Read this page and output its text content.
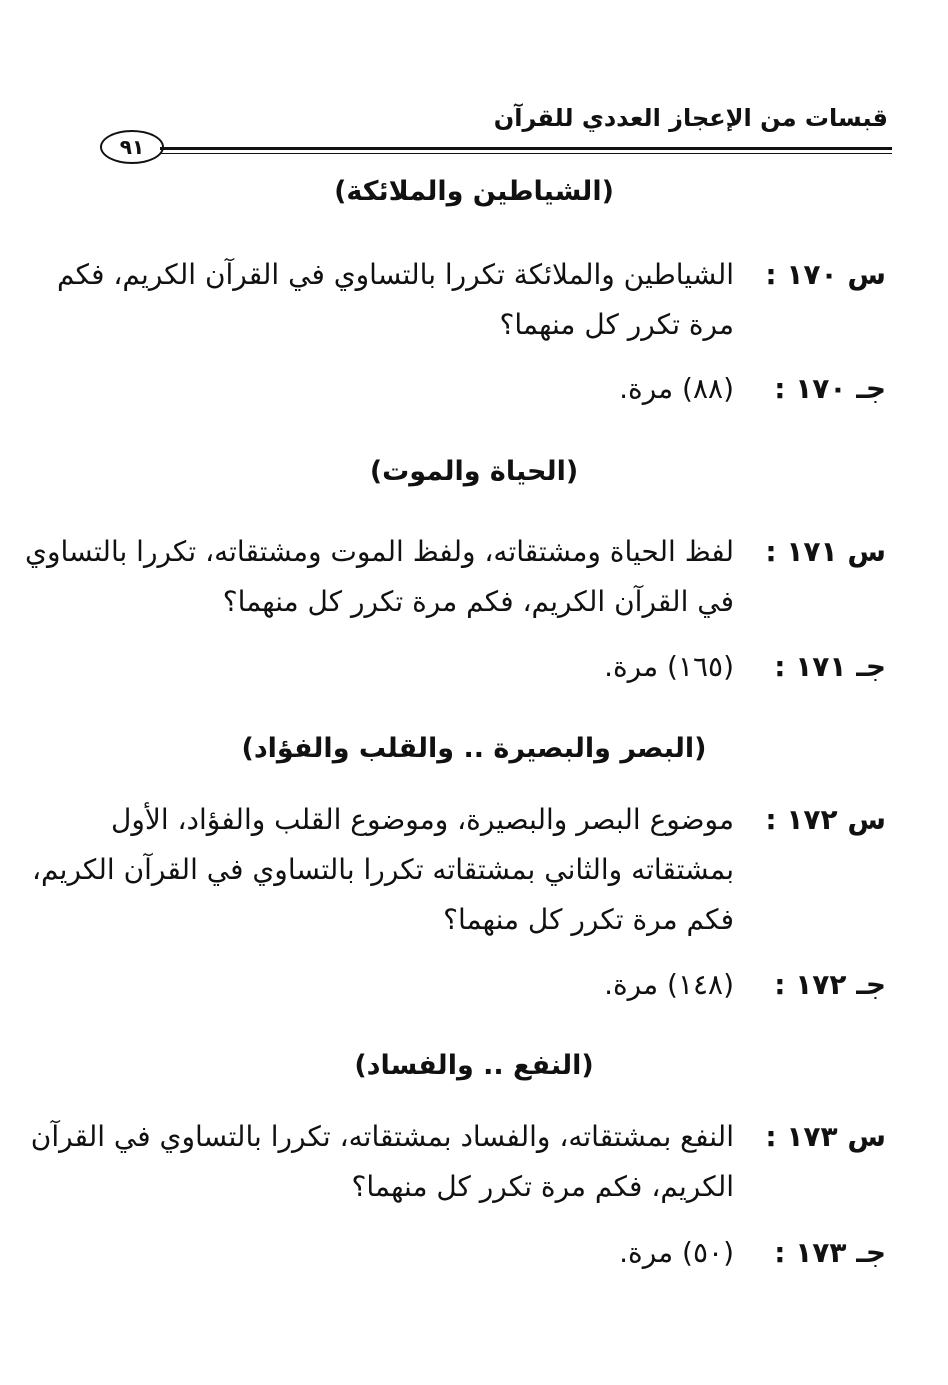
قبسات من الإعجاز العددي للقرآن
٩١
(الشياطين والملائكة)
س ١٧٠ :الشياطين والملائكة تكررا بالتساوي في القرآن الكريم، فكم
مرة تكرر كل منهما؟
جـ ١٧٠ :(٨٨) مرة.
(الحياة والموت)
س ١٧١ :لفظ الحياة ومشتقاته، ولفظ الموت ومشتقاته، تكررا بالتساوي
في القرآن الكريم، فكم مرة تكرر كل منهما؟
جـ ١٧١ :(١٦٥) مرة.
(البصر والبصيرة .. والقلب والفؤاد)
س ١٧٢ :موضوع البصر والبصيرة، وموضوع القلب والفؤاد، الأول
بمشتقاته والثاني بمشتقاته تكررا بالتساوي في القرآن الكريم،
فكم مرة تكرر كل منهما؟
جـ ١٧٢ :(١٤٨) مرة.
(النفع .. والفساد)
س ١٧٣ :النفع بمشتقاته، والفساد بمشتقاته، تكررا بالتساوي في القرآن
الكريم، فكم مرة تكرر كل منهما؟
جـ ١٧٣ :(٥٠) مرة.
